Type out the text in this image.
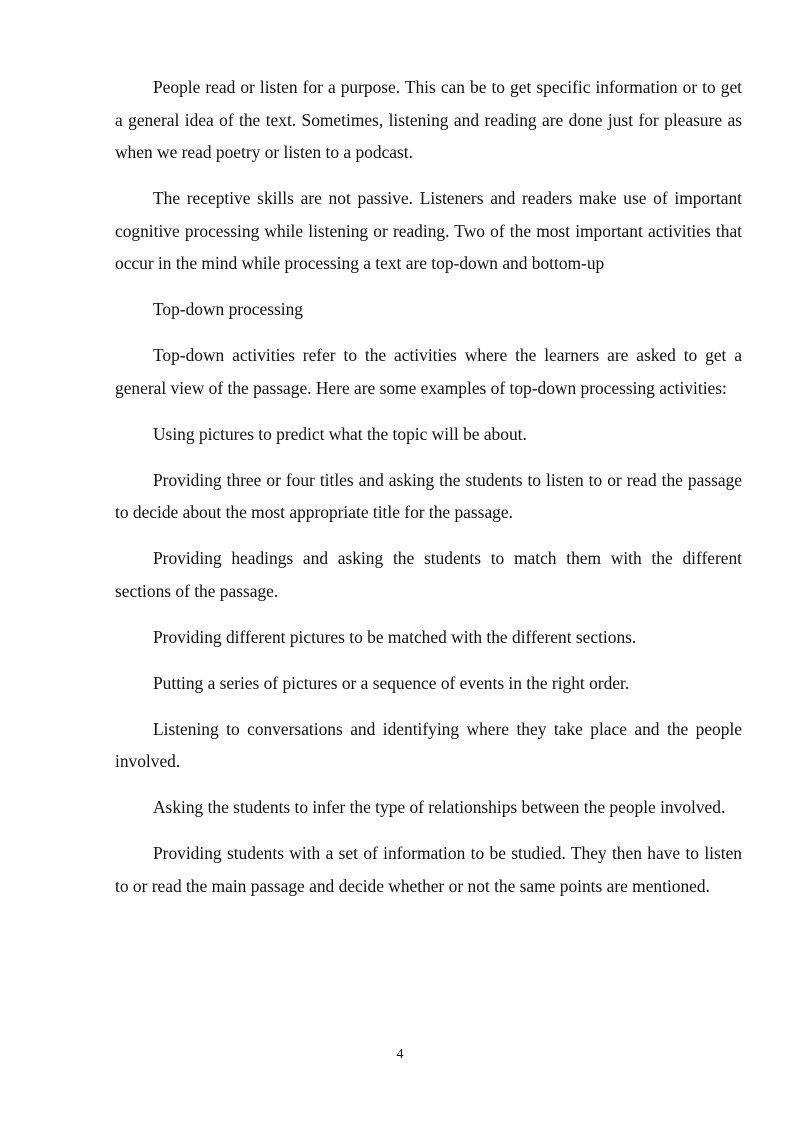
People read or listen for a purpose. This can be to get specific information or to get a general idea of the text. Sometimes, listening and reading are done just for pleasure as when we read poetry or listen to a podcast.

The receptive skills are not passive. Listeners and readers make use of important cognitive processing while listening or reading. Two of the most important activities that occur in the mind while processing a text are top-down and bottom-up

Top-down processing

Top-down activities refer to the activities where the learners are asked to get a general view of the passage. Here are some examples of top-down processing activities:

Using pictures to predict what the topic will be about.

Providing three or four titles and asking the students to listen to or read the passage to decide about the most appropriate title for the passage.

Providing headings and asking the students to match them with the different sections of the passage.

Providing different pictures to be matched with the different sections.

Putting a series of pictures or a sequence of events in the right order.

Listening to conversations and identifying where they take place and the people involved.

Asking the students to infer the type of relationships between the people involved.

Providing students with a set of information to be studied. They then have to listen to or read the main passage and decide whether or not the same points are mentioned.

4
